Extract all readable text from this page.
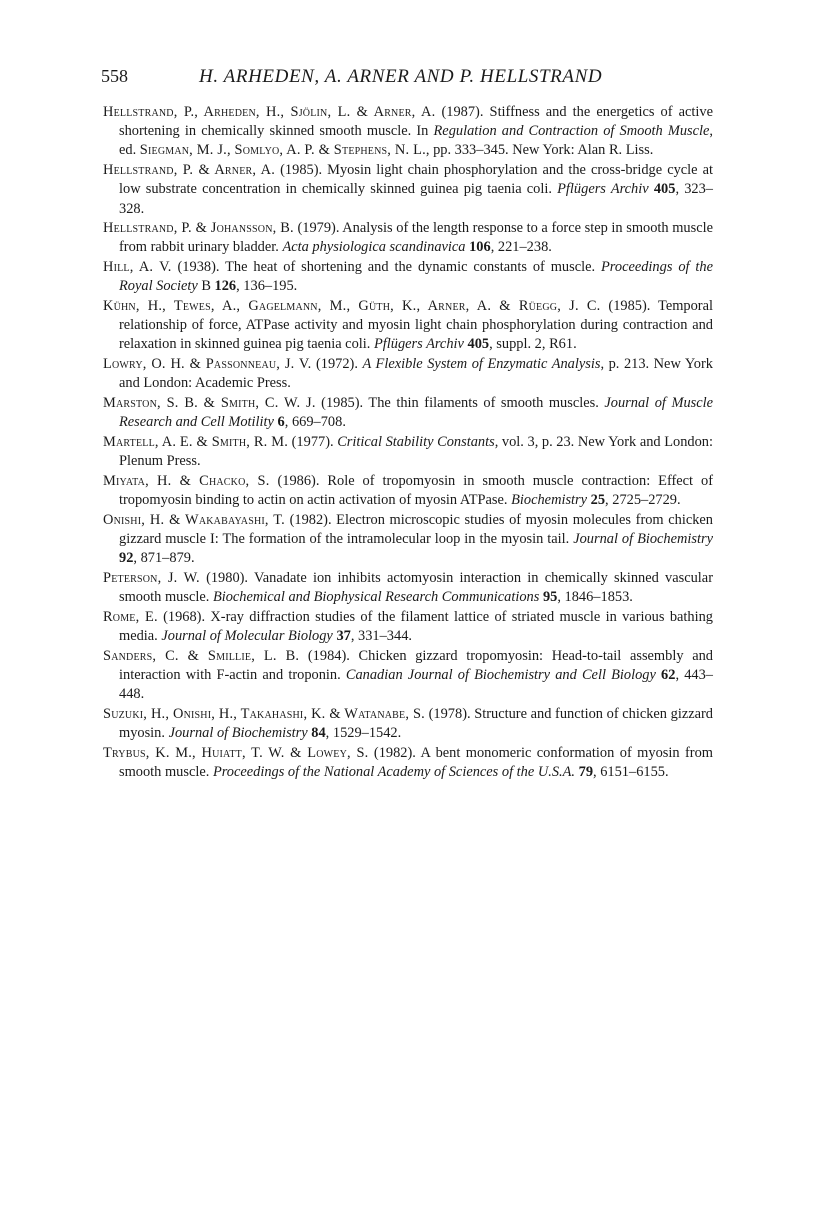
558	H. ARHEDEN, A. ARNER AND P. HELLSTRAND

Hellstrand, P., Arheden, H., Sjölin, L. & Arner, A. (1987). Stiffness and the energetics of active shortening in chemically skinned smooth muscle. In Regulation and Contraction of Smooth Muscle, ed. Siegman, M. J., Somlyo, A. P. & Stephens, N. L., pp. 333–345. New York: Alan R. Liss.

Hellstrand, P. & Arner, A. (1985). Myosin light chain phosphorylation and the cross-bridge cycle at low substrate concentration in chemically skinned guinea pig taenia coli. Pflügers Archiv 405, 323–328.

Hellstrand, P. & Johansson, B. (1979). Analysis of the length response to a force step in smooth muscle from rabbit urinary bladder. Acta physiologica scandinavica 106, 221–238.

Hill, A. V. (1938). The heat of shortening and the dynamic constants of muscle. Proceedings of the Royal Society B 126, 136–195.

Kühn, H., Tewes, A., Gagelmann, M., Güth, K., Arner, A. & Rüegg, J. C. (1985). Temporal relationship of force, ATPase activity and myosin light chain phosphorylation during contraction and relaxation in skinned guinea pig taenia coli. Pflügers Archiv 405, suppl. 2, R61.

Lowry, O. H. & Passonneau, J. V. (1972). A Flexible System of Enzymatic Analysis, p. 213. New York and London: Academic Press.

Marston, S. B. & Smith, C. W. J. (1985). The thin filaments of smooth muscles. Journal of Muscle Research and Cell Motility 6, 669–708.

Martell, A. E. & Smith, R. M. (1977). Critical Stability Constants, vol. 3, p. 23. New York and London: Plenum Press.

Miyata, H. & Chacko, S. (1986). Role of tropomyosin in smooth muscle contraction: Effect of tropomyosin binding to actin on actin activation of myosin ATPase. Biochemistry 25, 2725–2729.

Onishi, H. & Wakabayashi, T. (1982). Electron microscopic studies of myosin molecules from chicken gizzard muscle I: The formation of the intramolecular loop in the myosin tail. Journal of Biochemistry 92, 871–879.

Peterson, J. W. (1980). Vanadate ion inhibits actomyosin interaction in chemically skinned vascular smooth muscle. Biochemical and Biophysical Research Communications 95, 1846–1853.

Rome, E. (1968). X-ray diffraction studies of the filament lattice of striated muscle in various bathing media. Journal of Molecular Biology 37, 331–344.

Sanders, C. & Smillie, L. B. (1984). Chicken gizzard tropomyosin: Head-to-tail assembly and interaction with F-actin and troponin. Canadian Journal of Biochemistry and Cell Biology 62, 443–448.

Suzuki, H., Onishi, H., Takahashi, K. & Watanabe, S. (1978). Structure and function of chicken gizzard myosin. Journal of Biochemistry 84, 1529–1542.

Trybus, K. M., Huiatt, T. W. & Lowey, S. (1982). A bent monomeric conformation of myosin from smooth muscle. Proceedings of the National Academy of Sciences of the U.S.A. 79, 6151–6155.
